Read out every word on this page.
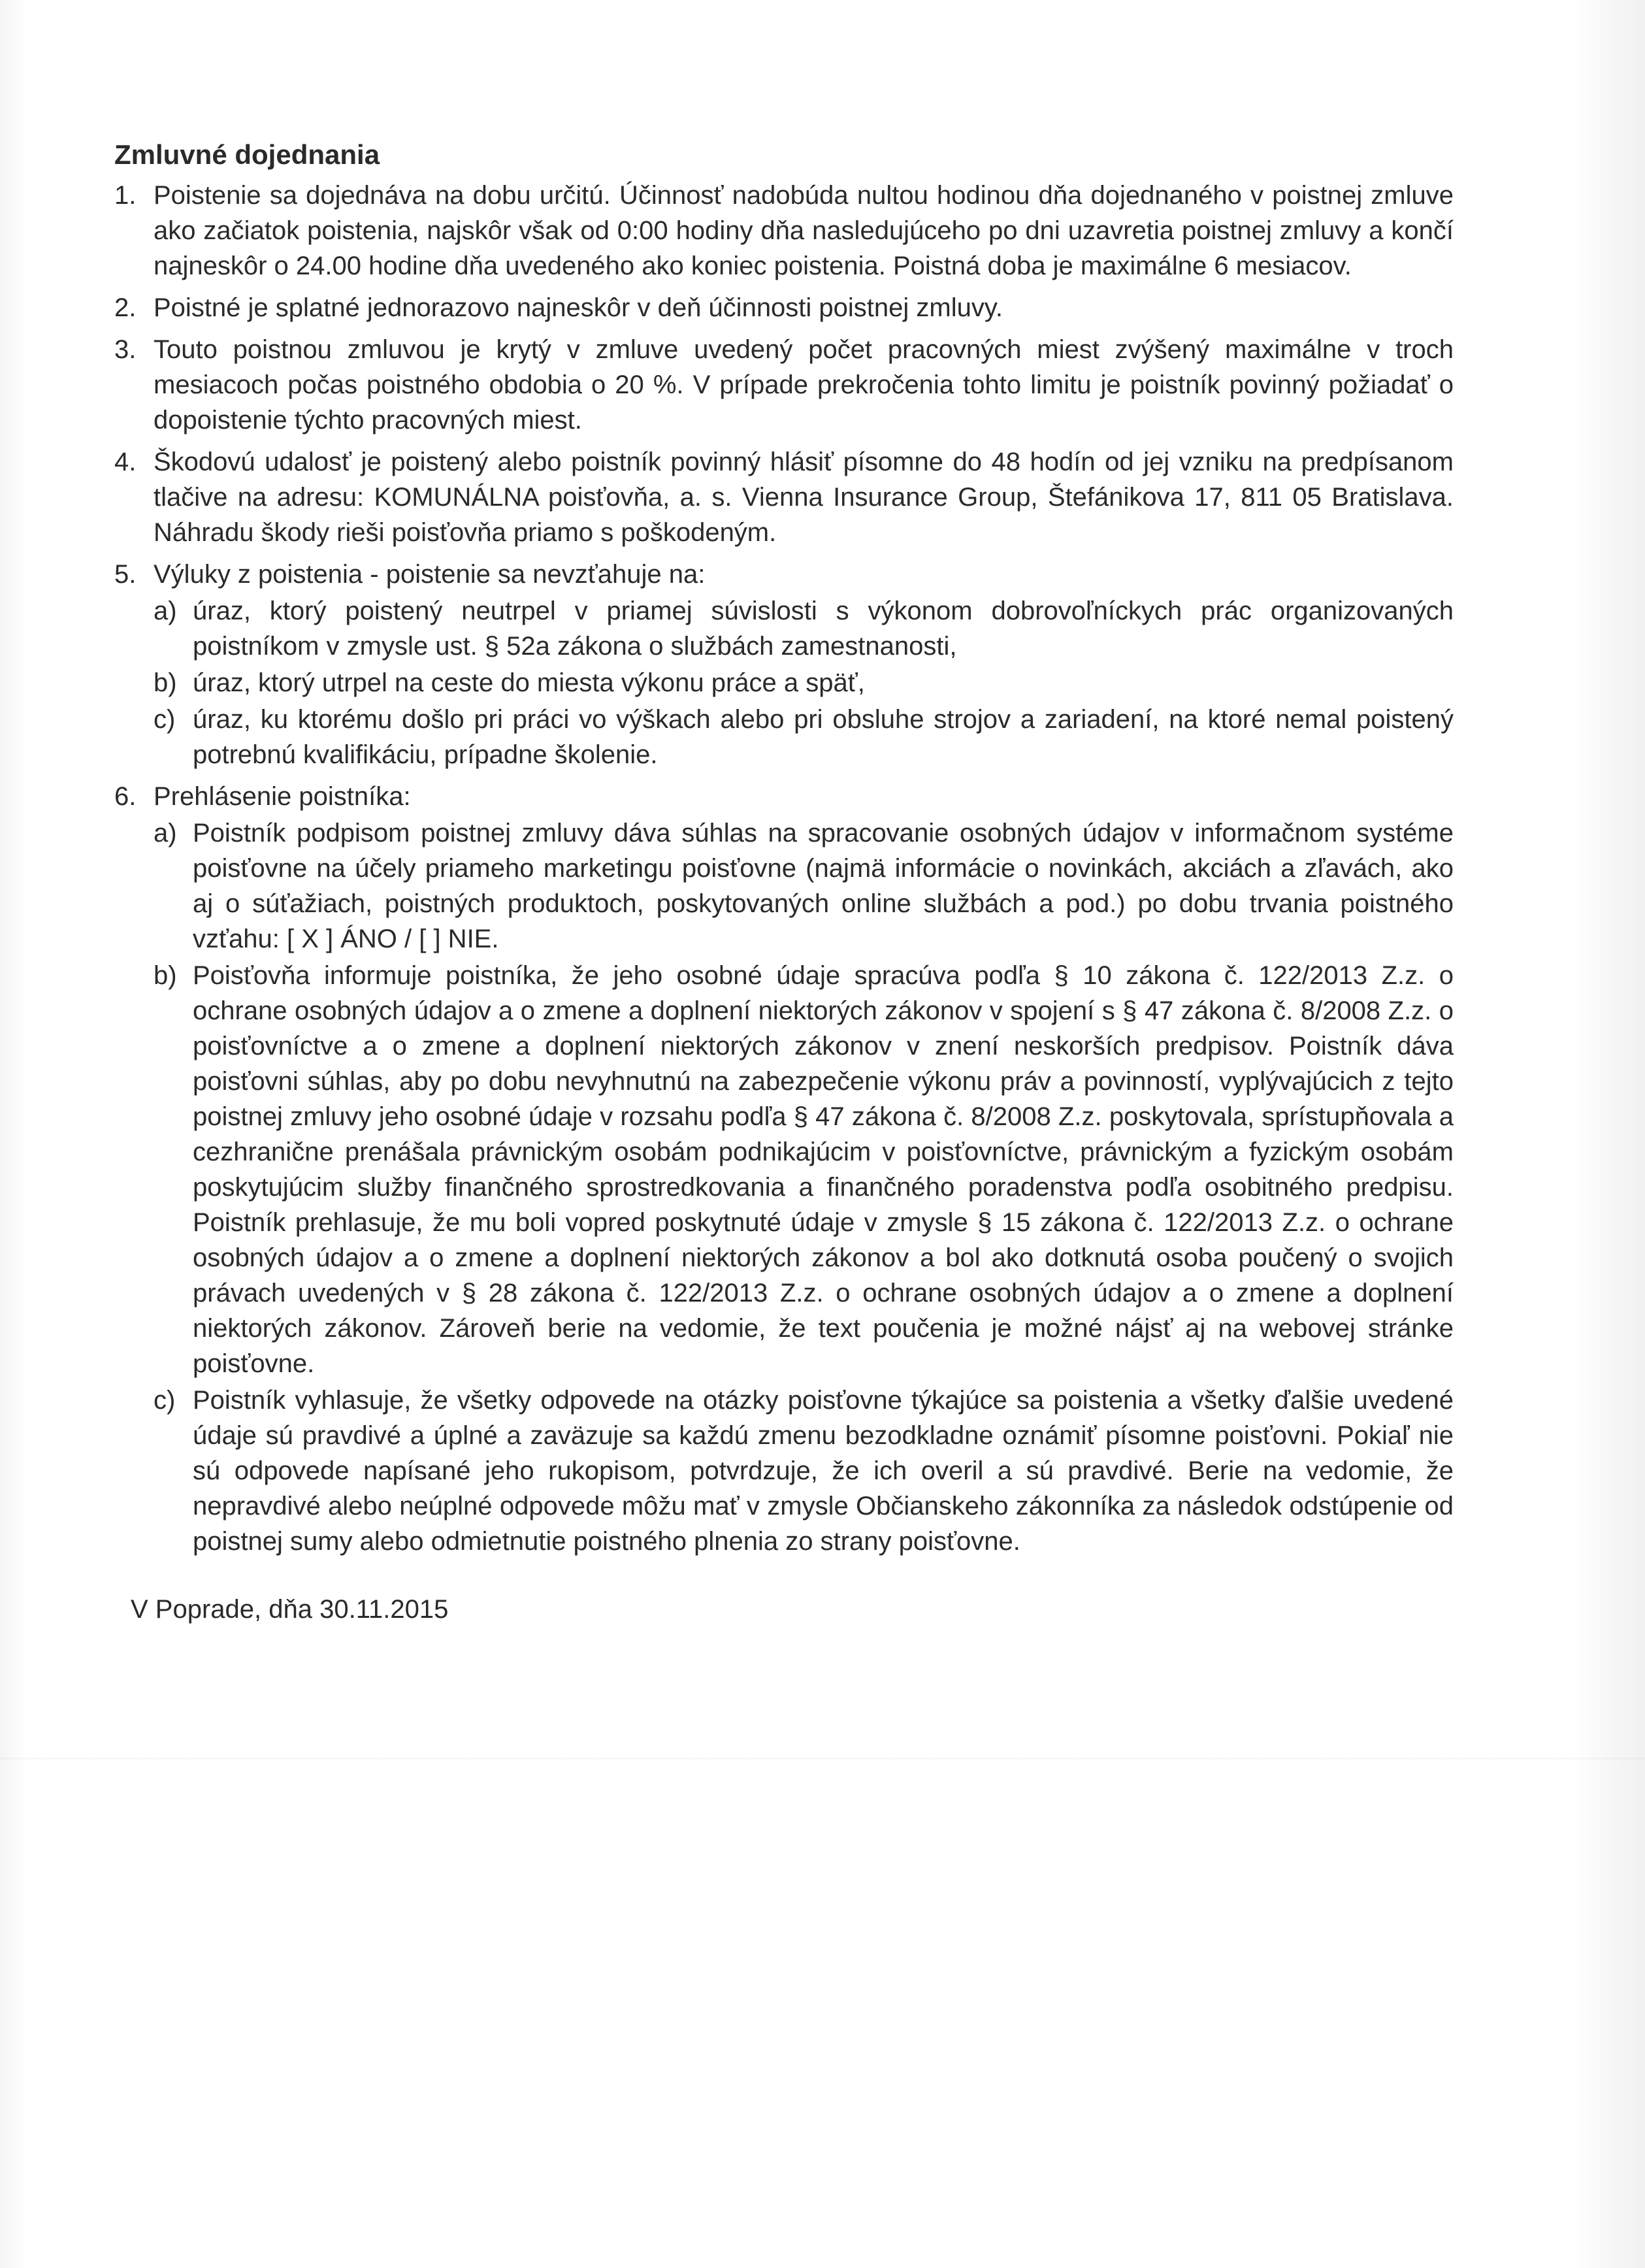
Zmluvné dojednania
1. Poistenie sa dojednáva na dobu určitú. Účinnosť nadobúda nultou hodinou dňa dojednaného v poistnej zmluve ako začiatok poistenia, najskôr však od 0:00 hodiny dňa nasledujúceho po dni uzavretia poistnej zmluvy a končí najneskôr o 24.00 hodine dňa uvedeného ako koniec poistenia. Poistná doba je maximálne 6 mesiacov.
2. Poistné je splatné jednorazovo najneskôr v deň účinnosti poistnej zmluvy.
3. Touto poistnou zmluvou je krytý v zmluve uvedený počet pracovných miest zvýšený maximálne v troch mesiacoch počas poistného obdobia o 20 %. V prípade prekročenia tohto limitu je poistník povinný požiadať o dopoistenie týchto pracovných miest.
4. Škodovú udalosť je poistený alebo poistník povinný hlásiť písomne do 48 hodín od jej vzniku na predpísanom tlačive na adresu: KOMUNÁLNA poisťovňa, a. s. Vienna Insurance Group, Štefánikova 17, 811 05 Bratislava. Náhradu škody rieši poisťovňa priamo s poškodeným.
5. Výluky z poistenia - poistenie sa nevzťahuje na:
a) úraz, ktorý poistený neutrpel v priamej súvislosti s výkonom dobrovoľníckych prác organizovaných poistníkom v zmysle ust. § 52a zákona o službách zamestnanosti,
b) úraz, ktorý utrpel na ceste do miesta výkonu práce a späť,
c) úraz, ku ktorému došlo pri práci vo výškach alebo pri obsluhe strojov a zariadení, na ktoré nemal poistený potrebnú kvalifikáciu, prípadne školenie.
6. Prehlásenie poistníka:
a) Poistník podpisom poistnej zmluvy dáva súhlas na spracovanie osobných údajov v informačnom systéme poisťovne na účely priameho marketingu poisťovne (najmä informácie o novinkách, akciách a zľavách, ako aj o súťažiach, poistných produktoch, poskytovaných online službách a pod.) po dobu trvania poistného vzťahu: [ X ] ÁNO / [ ] NIE.
b) Poisťovňa informuje poistníka, že jeho osobné údaje spracúva podľa § 10 zákona č. 122/2013 Z.z. o ochrane osobných údajov a o zmene a doplnení niektorých zákonov v spojení s § 47 zákona č. 8/2008 Z.z. o poisťovníctve a o zmene a doplnení niektorých zákonov v znení neskorších predpisov. Poistník dáva poisťovni súhlas, aby po dobu nevyhnutnú na zabezpečenie výkonu práv a povinností, vyplývajúcich z tejto poistnej zmluvy jeho osobné údaje v rozsahu podľa § 47 zákona č. 8/2008 Z.z. poskytovala, sprístupňovala a cezhranične prenášala právnickým osobám podnikajúcim v poisťovníctve, právnickým a fyzickým osobám poskytujúcim služby finančného sprostredkovania a finančného poradenstva podľa osobitného predpisu. Poistník prehlasuje, že mu boli vopred poskytnuté údaje v zmysle § 15 zákona č. 122/2013 Z.z. o ochrane osobných údajov a o zmene a doplnení niektorých zákonov a bol ako dotknutá osoba poučený o svojich právach uvedených v § 28 zákona č. 122/2013 Z.z. o ochrane osobných údajov a o zmene a doplnení niektorých zákonov. Zároveň berie na vedomie, že text poučenia je možné nájsť aj na webovej stránke poisťovne.
c) Poistník vyhlasuje, že všetky odpovede na otázky poisťovne týkajúce sa poistenia a všetky ďalšie uvedené údaje sú pravdivé a úplné a zaväzuje sa každú zmenu bezodkladne oznámiť písomne poisťovni. Pokiaľ nie sú odpovede napísané jeho rukopisom, potvrdzuje, že ich overil a sú pravdivé. Berie na vedomie, že nepravdivé alebo neúplné odpovede môžu mať v zmysle Občianskeho zákonníka za následok odstúpenie od poistnej sumy alebo odmietnutie poistného plnenia zo strany poisťovne.
V Poprade, dňa 30.11.2015
